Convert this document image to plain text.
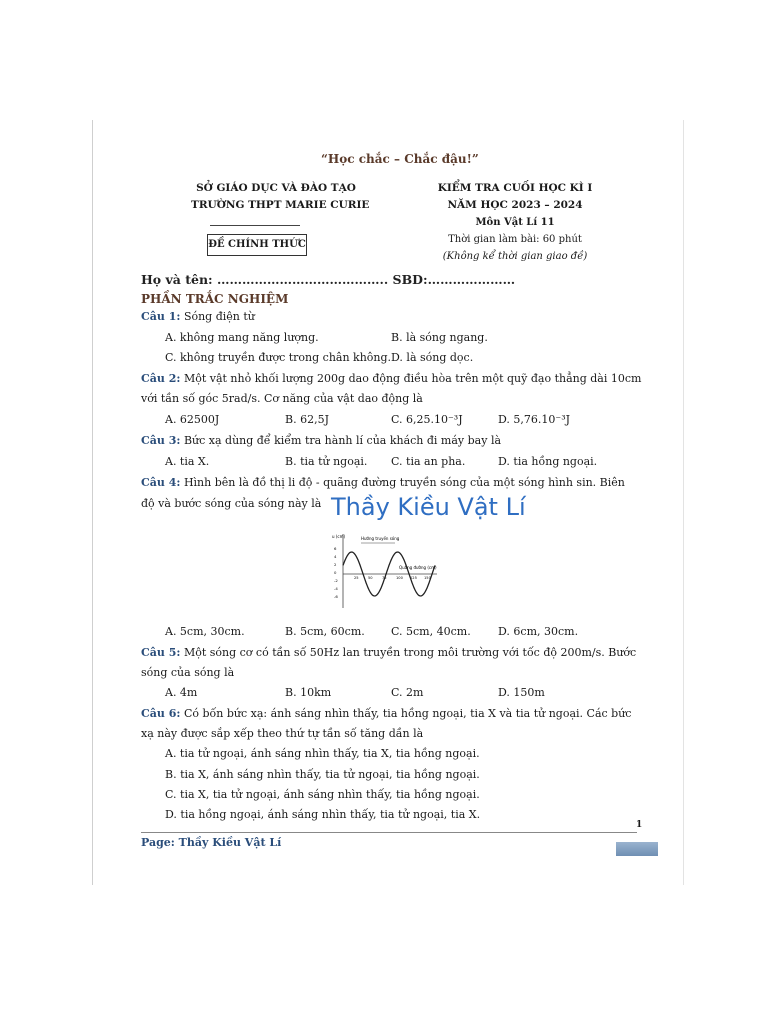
“Học chắc – Chắc đậu!”
SỞ GIÁO DỤC VÀ ĐÀO TẠO
TRƯỜNG THPT MARIE CURIE
ĐỀ CHÍNH THỨC
KIỂM TRA CUỐI HỌC KÌ I
NĂM HỌC 2023 – 2024
Môn Vật Lí 11
Thời gian làm bài: 60 phút
(Không kể thời gian giao đề)
Họ và tên: ………………………………….. SBD:…………………
PHẦN TRẮC NGHIỆM
Câu 1: Sóng điện từ
A. không mang năng lượng.	B. là sóng ngang.
C. không truyền được trong chân không. D. là sóng dọc.
Câu 2: Một vật nhỏ khối lượng 200g dao động điều hòa trên một quỹ đạo thẳng dài 10cm
với tần số góc 5rad/s. Cơ năng của vật dao động là
A. 62500J	B. 62,5J	C. 6,25.10⁻³J	D. 5,76.10⁻³J
Câu 3: Bức xạ dùng để kiểm tra hành lí của khách đi máy bay là
A. tia X.	B. tia tử ngoại. C. tia an pha.	D. tia hồng ngoại.
Câu 4: Hình bên là đồ thị li độ - quãng đường truyền sóng của một sóng hình sin. Biên
độ và bước sóng của sóng này là Thầy Kiều Vật Lí
u (cm)	Hướng truyền sóng
Quãng đường (cm)
6
4
2
0
-2
-4
-6
25	50	75	100 125 150
A. 5cm, 30cm.	B. 5cm, 60cm. C. 5cm, 40cm. D. 6cm, 30cm.
Câu 5: Một sóng cơ có tần số 50Hz lan truyền trong môi trường với tốc độ 200m/s. Bước
sóng của sóng là
A. 4m	B. 10km	C. 2m	D. 150m
Câu 6: Có bốn bức xạ: ánh sáng nhìn thấy, tia hồng ngoại, tia X và tia tử ngoại. Các bức
xạ này được sắp xếp theo thứ tự tần số tăng dần là
A. tia tử ngoại, ánh sáng nhìn thấy, tia X, tia hồng ngoại.
B. tia X, ánh sáng nhìn thấy, tia tử ngoại, tia hồng ngoại.
C. tia X, tia tử ngoại, ánh sáng nhìn thấy, tia hồng ngoại.
D. tia hồng ngoại, ánh sáng nhìn thấy, tia tử ngoại, tia X.
1
Page: Thầy Kiều Vật Lí
